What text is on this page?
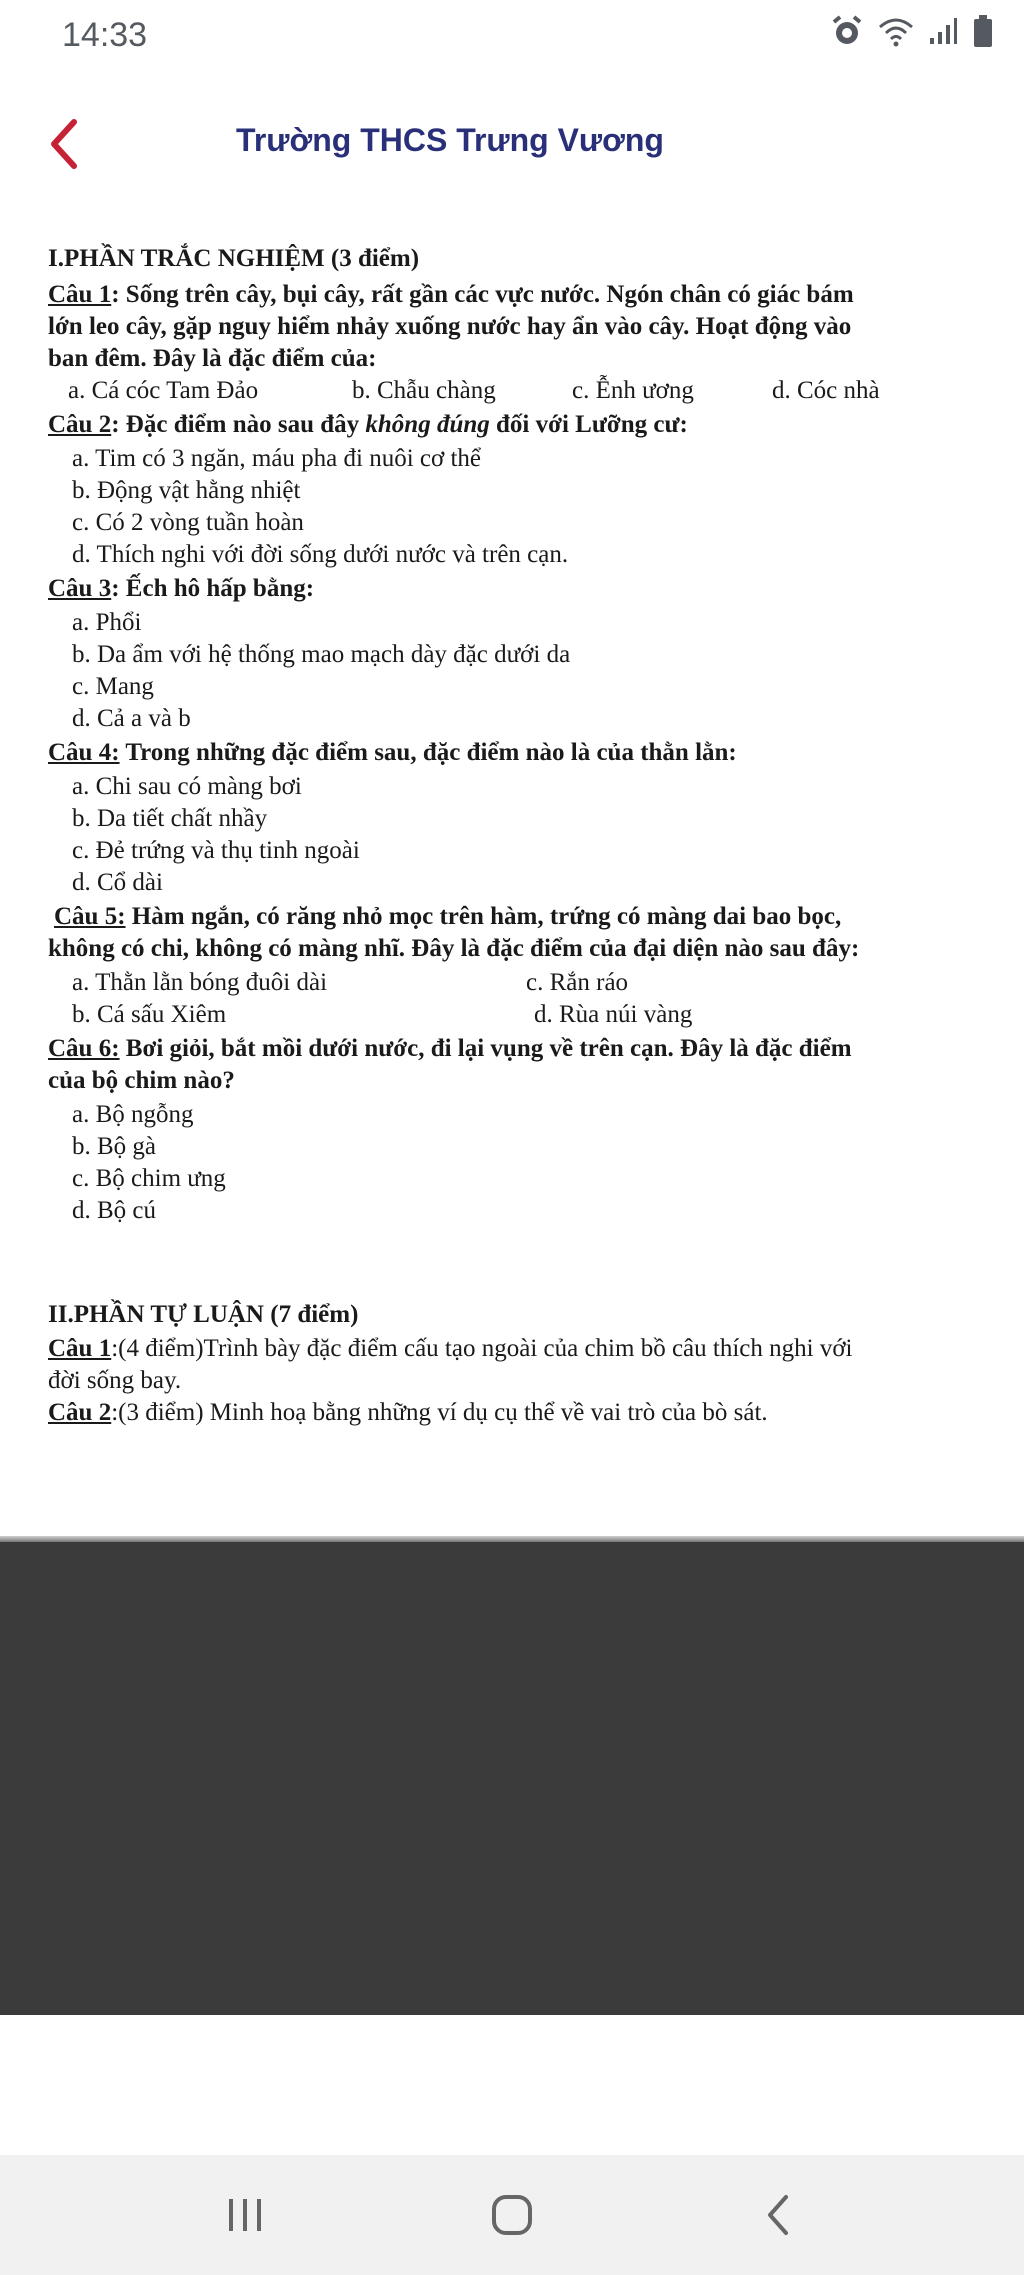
14:33
Trường THCS Trưng Vương
I.PHẦN TRẮC NGHIỆM (3 điểm)
Câu 1: Sống trên cây, bụi cây, rất gần các vực nước. Ngón chân có giác bám
lớn leo cây, gặp nguy hiểm nhảy xuống nước hay ẩn vào cây. Hoạt động vào
ban đêm. Đây là đặc điểm của:
a. Cá cóc Tam Đảo	b. Chẫu chàng	c. Ễnh ương	d. Cóc nhà
Câu 2: Đặc điểm nào sau đây không đúng đối với Lưỡng cư:
a. Tim có 3 ngăn, máu pha đi nuôi cơ thể
b. Động vật hằng nhiệt
c. Có 2 vòng tuần hoàn
d. Thích nghi với đời sống dưới nước và trên cạn.
Câu 3: Ếch hô hấp bằng:
a. Phổi
b. Da ẩm với hệ thống mao mạch dày đặc dưới da
c. Mang
d. Cả a và b
Câu 4: Trong những đặc điểm sau, đặc điểm nào là của thằn lằn:
a. Chi sau có màng bơi
b. Da tiết chất nhầy
c. Đẻ trứng và thụ tinh ngoài
d. Cổ dài
Câu 5: Hàm ngắn, có răng nhỏ mọc trên hàm, trứng có màng dai bao bọc,
không có chi, không có màng nhĩ. Đây là đặc điểm của đại diện nào sau đây:
a. Thằn lằn bóng đuôi dài	c. Rắn ráo
b. Cá sấu Xiêm	d. Rùa núi vàng
Câu 6: Bơi giỏi, bắt mồi dưới nước, đi lại vụng về trên cạn. Đây là đặc điểm
của bộ chim nào?
a. Bộ ngỗng
b. Bộ gà
c. Bộ chim ưng
d. Bộ cú
II.PHẦN TỰ LUẬN (7 điểm)
Câu 1:(4 điểm)Trình bày đặc điểm cấu tạo ngoài của chim bồ câu thích nghi với
đời sống bay.
Câu 2:(3 điểm) Minh hoạ bằng những ví dụ cụ thể về vai trò của bò sát.
